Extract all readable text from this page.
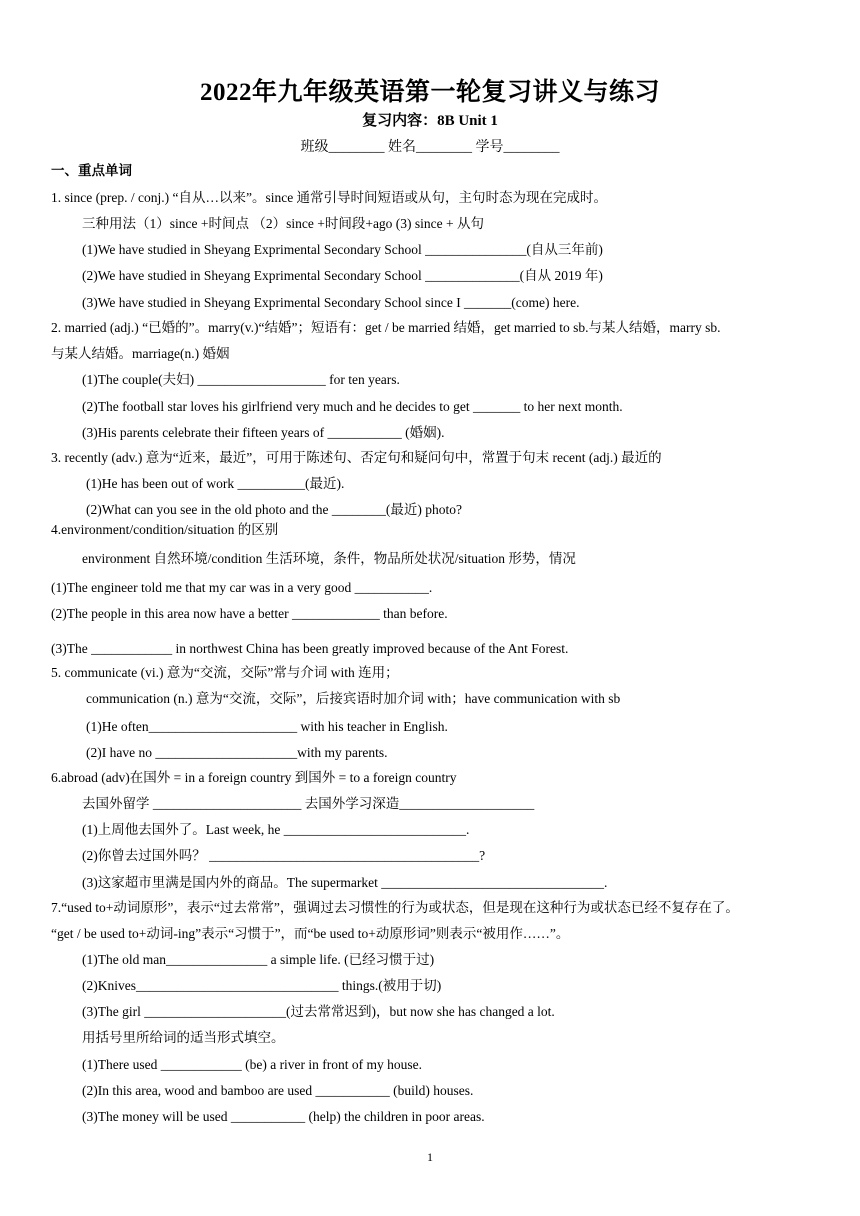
2022年九年级英语第一轮复习讲义与练习
复习内容：8B Unit 1
班级________ 姓名________ 学号________
一、重点单词
1. since (prep. / conj.) “自从…以来”。since 通常引导时间短语或从句，主句时态为现在完成时。
三种用法（1）since +时间点 （2）since +时间段+ago (3) since + 从句
(1)We have studied in Sheyang Exprimental Secondary School _______________(自从三年前)
(2)We have studied in Sheyang Exprimental Secondary School ______________(自从 2019 年)
(3)We have studied in Sheyang Exprimental Secondary School since I _______(come) here.
2. married (adj.) “已婚的”。marry(v.)“结婚”；短语有：get / be married 结婚，get married to sb.与某人结婚，marry sb.
与某人结婚。marriage(n.) 婚姻
(1)The couple(夫妇) ___________________ for ten years.
(2)The football star loves his girlfriend very much and he decides to get _______ to her next month.
(3)His parents celebrate their fifteen years of ___________ (婚姻).
3. recently (adv.) 意为“近来，最近”，可用于陈述句、否定句和疑问句中，常置于句末 recent (adj.) 最近的
(1)He has been out of work __________(最近).
(2)What can you see in the old photo and the ________(最近) photo?
4.environment/condition/situation 的区别
environment 自然环境/condition 生活环境，条件，物品所处状况/situation 形势，情况
(1)The engineer told me that my car was in a very good ___________.
(2)The people in this area now have a better _____________ than before.
(3)The ____________ in northwest China has been greatly improved because of the Ant Forest.
5. communicate (vi.) 意为“交流，交际”常与介词 with 连用；
communication (n.) 意为“交流，交际”，后接宾语时加介词 with；have communication with sb
(1)He often______________________ with his teacher in English.
(2)I have no _____________________with my parents.
6.abroad (adv)在国外 = in a foreign country 到国外 = to a foreign country
去国外留学 ______________________ 去国外学习深造____________________
(1)上周他去国外了。Last week, he ___________________________.
(2)你曾去过国外吗？ ________________________________________?
(3)这家超市里满是国内外的商品。The supermarket _________________________________.
7.“used to+动词原形”，表示“过去常常”，强调过去习惯性的行为或状态，但是现在这种行为或状态已经不复存在了。
“get / be used to+动词-ing”表示“习惯于”，而“be used to+动原形词”则表示“被用作……”。
(1)The old man_______________ a simple life. (已经习惯于过)
(2)Knives______________________________ things.(被用于切)
(3)The girl _____________________(过去常常迟到)，but now she has changed a lot.
用括号里所给词的适当形式填空。
(1)There used ____________ (be) a river in front of my house.
(2)In this area, wood and bamboo are used ___________ (build) houses.
(3)The money will be used ___________ (help) the children in poor areas.
1
